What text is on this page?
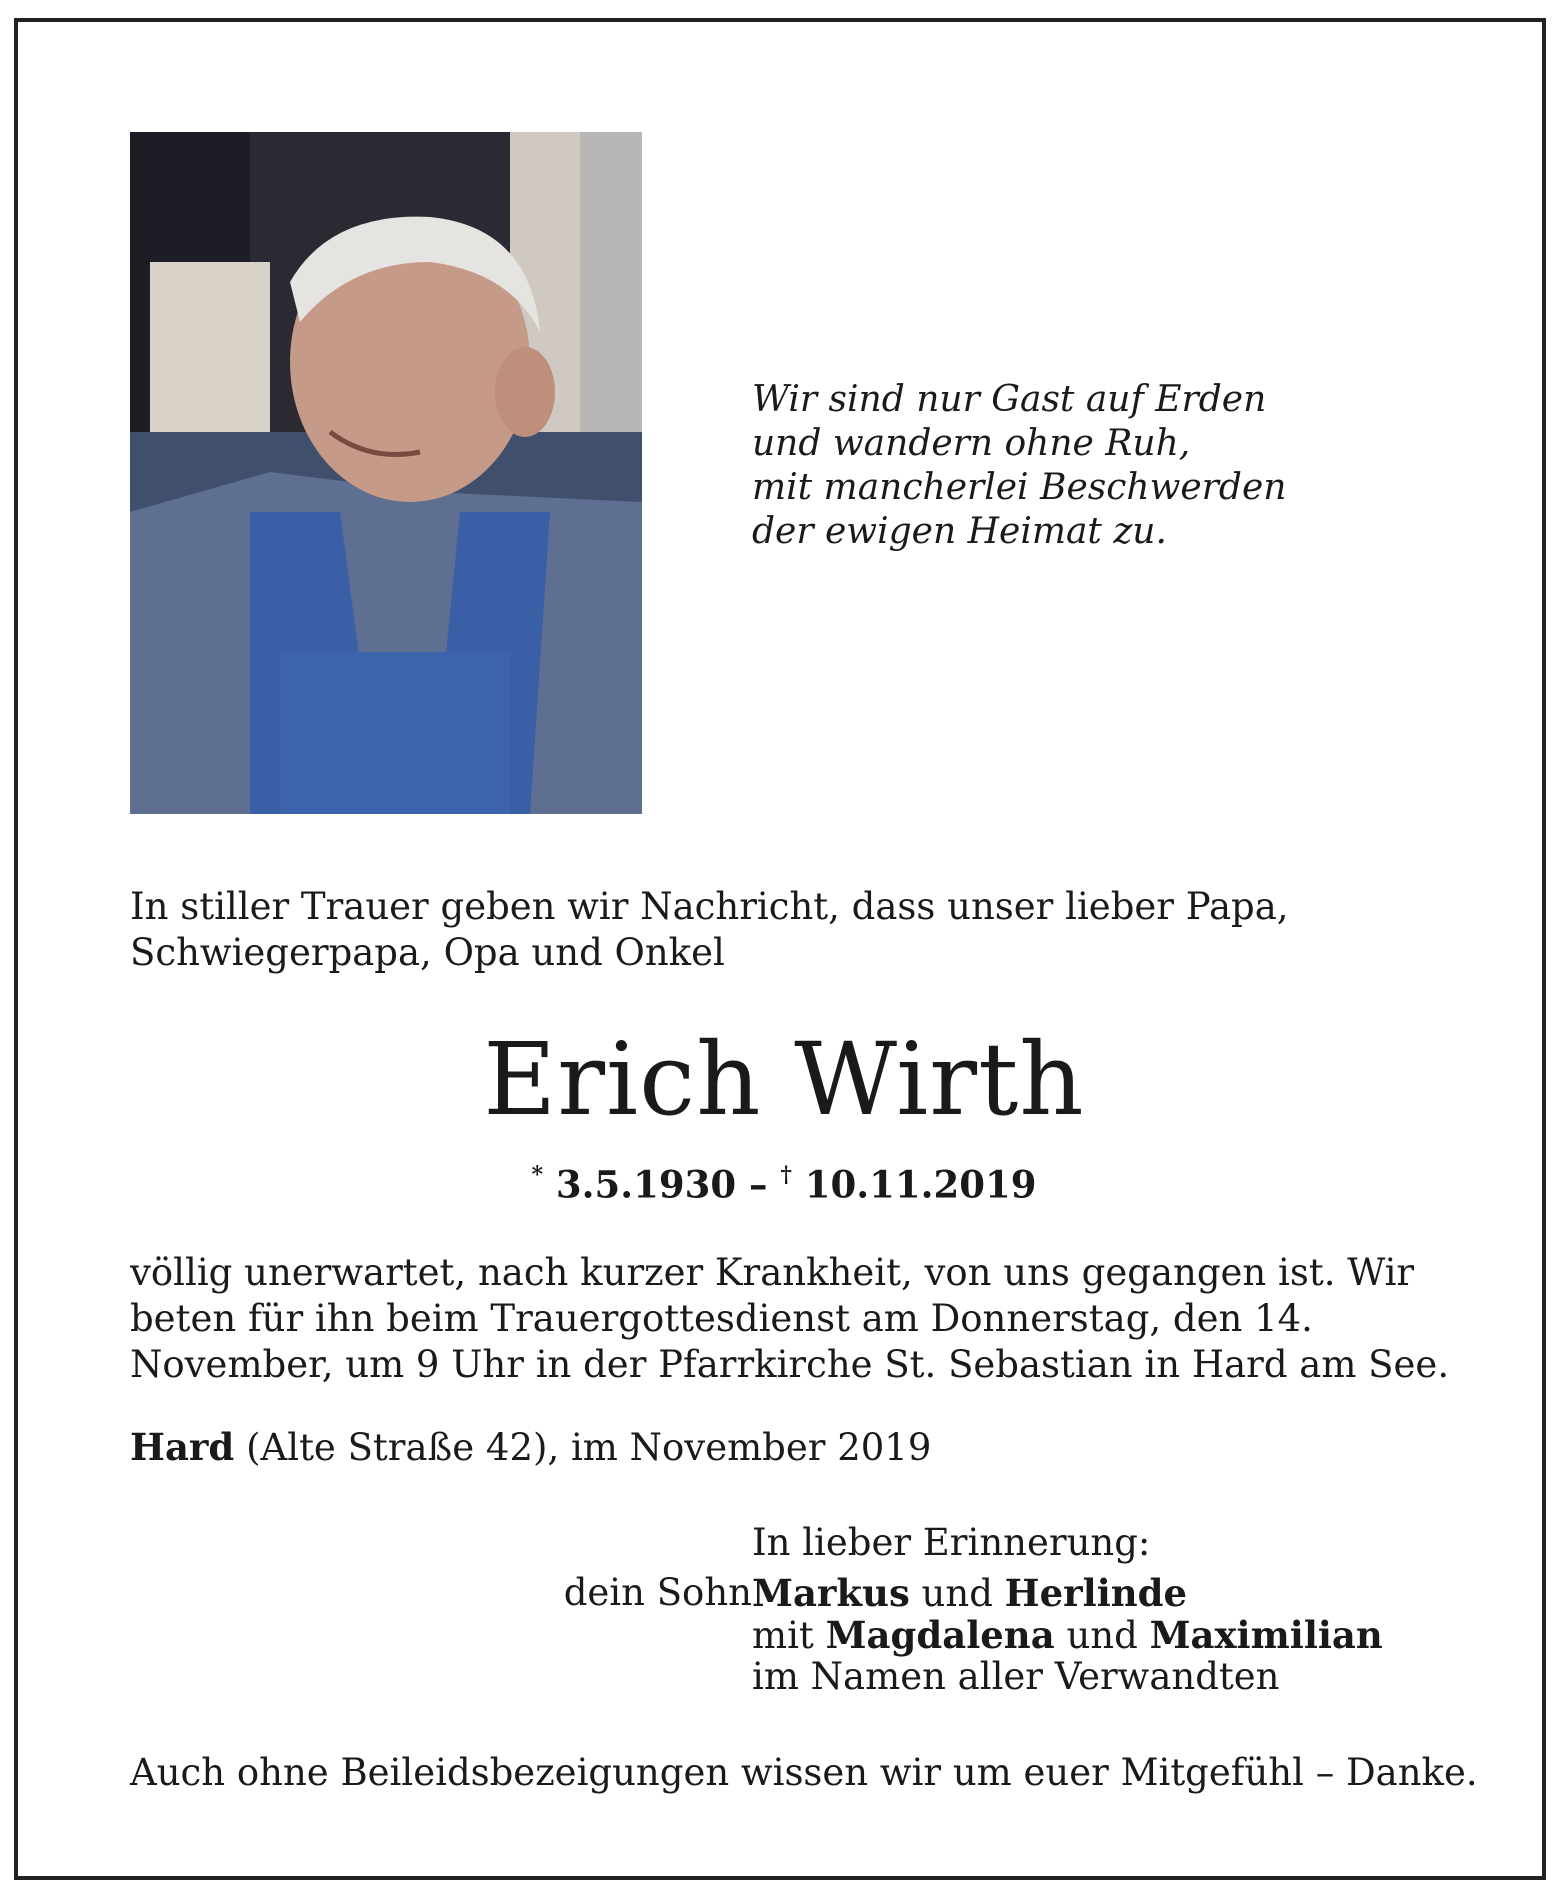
Wir sind nur Gast auf Erden
und wandern ohne Ruh,
mit mancherlei Beschwerden
der ewigen Heimat zu.
In stiller Trauer geben wir Nachricht, dass unser lieber Papa, Schwiegerpapa, Opa und Onkel
Erich Wirth
* 3.5.1930 – † 10.11.2019
völlig unerwartet, nach kurzer Krankheit, von uns gegangen ist. Wir beten für ihn beim Trauergottesdienst am Donnerstag, den 14. November, um 9 Uhr in der Pfarrkirche St. Sebastian in Hard am See.
Hard (Alte Straße 42), im November 2019
In lieber Erinnerung:
dein Sohn Markus und Herlinde
mit Magdalena und Maximilian
im Namen aller Verwandten
Auch ohne Beileidsbezeigungen wissen wir um euer Mitgefühl – Danke.
